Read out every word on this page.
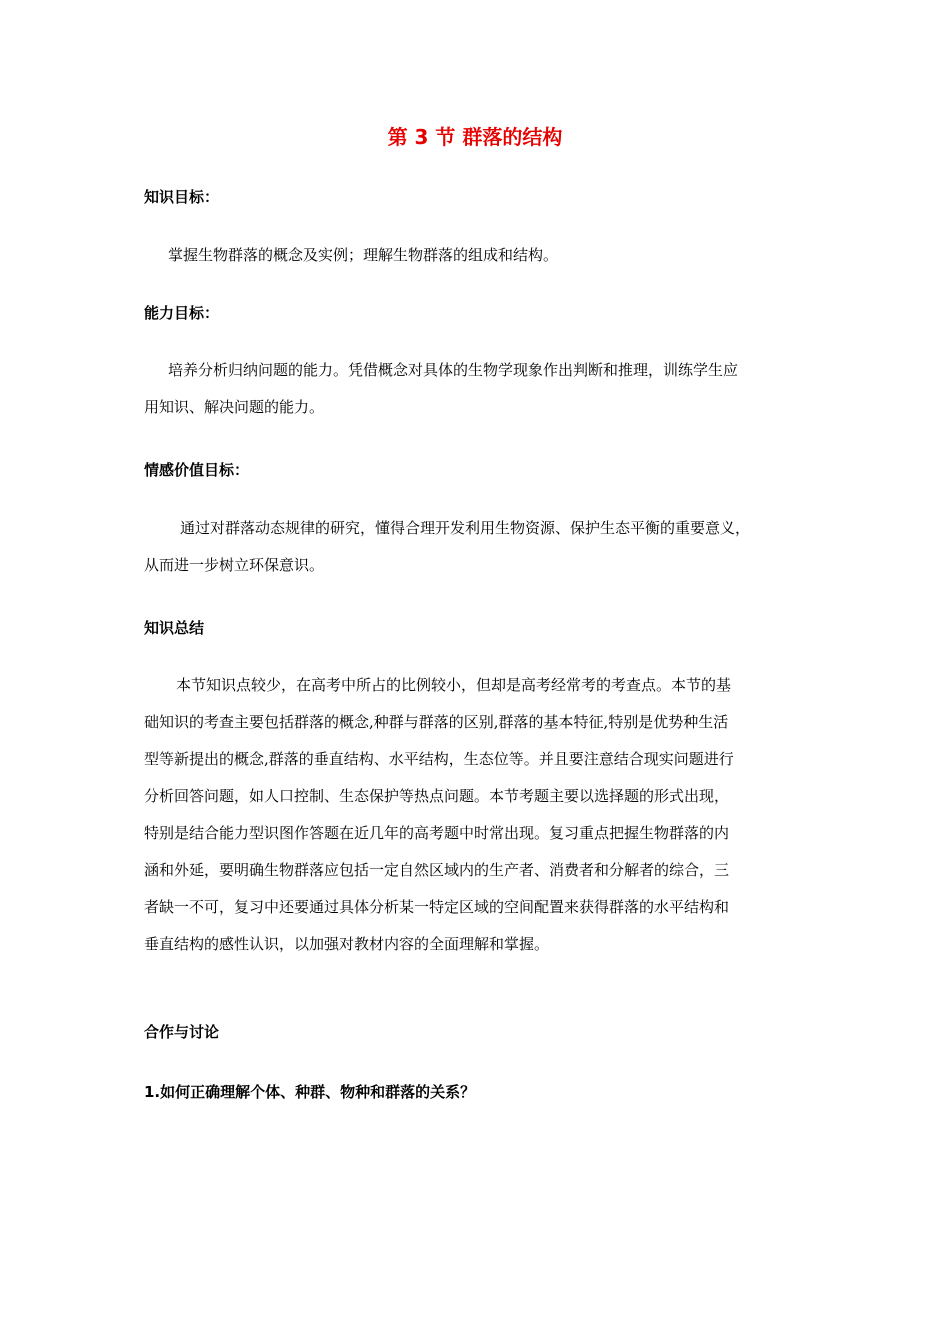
第 3 节 群落的结构
知识目标：
掌握生物群落的概念及实例；理解生物群落的组成和结构。
能力目标：
培养分析归纳问题的能力。凭借概念对具体的生物学现象作出判断和推理，训练学生应
用知识、解决问题的能力。
情感价值目标：
通过对群落动态规律的研究，懂得合理开发利用生物资源、保护生态平衡的重要意义，
从而进一步树立环保意识。
知识总结
本节知识点较少，在高考中所占的比例较小，但却是高考经常考的考查点。本节的基
础知识的考查主要包括群落的概念,种群与群落的区别,群落的基本特征,特别是优势种生活
型等新提出的概念,群落的垂直结构、水平结构，生态位等。并且要注意结合现实问题进行
分析回答问题，如人口控制、生态保护等热点问题。本节考题主要以选择题的形式出现，
特别是结合能力型识图作答题在近几年的高考题中时常出现。复习重点把握生物群落的内
涵和外延，要明确生物群落应包括一定自然区域内的生产者、消费者和分解者的综合，三
者缺一不可，复习中还要通过具体分析某一特定区域的空间配置来获得群落的水平结构和
垂直结构的感性认识，以加强对教材内容的全面理解和掌握。
合作与讨论
1.如何正确理解个体、种群、物种和群落的关系？
